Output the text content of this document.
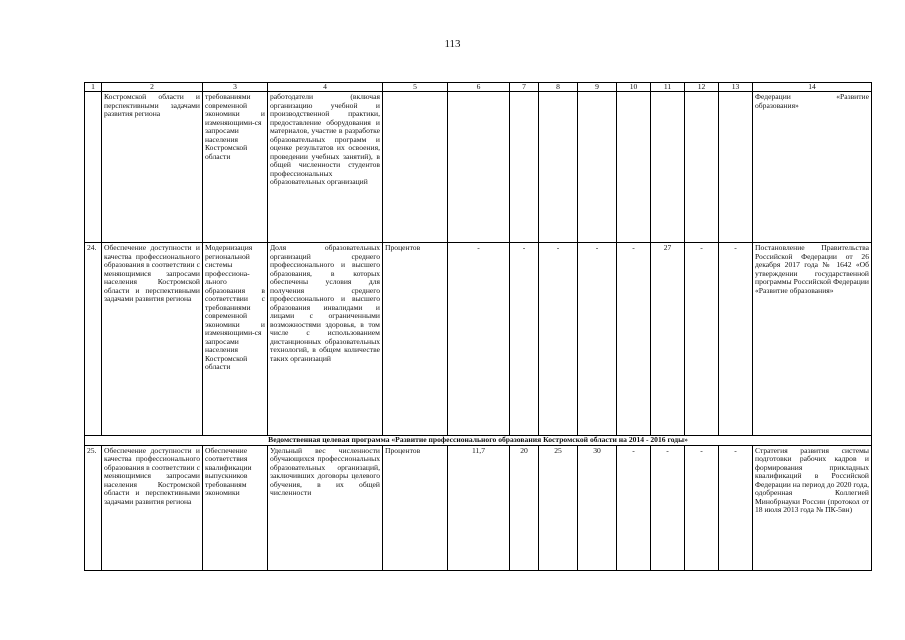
113
1	2	3	4	5	6	7	8	9	10	11	12	13	14
	Костромской области и перспективными задачами развития региона	требованиями современной экономики и изменяющими-ся запросами населения Костромской области	работодатели (включая организацию учебной и производственной практики, предоставление оборудования и материалов, участие в разработке образовательных программ и оценке результатов их освоения, проведении учебных занятий), в общей численности студентов профессиональных образовательных организаций										Федерации «Развитие образования»
24.	Обеспечение доступности и качества профессионального образования в соответствии с меняющимися запросами населения Костромской области и перспективными задачами развития региона	Модернизация региональной системы профессиона-льного образования в соответствии с требованиями современной экономики и изменяющими-ся запросами населения Костромской области	Доля образовательных организаций среднего профессионального и высшего образования, в которых обеспечены условия для получения среднего профессионального и высшего образования инвалидами и лицами с ограниченными возможностями здоровья, в том числе с использованием дистанционных образовательных технологий, в общем количестве таких организаций	Процентов	-	-	-	-	-	27	-	-	Постановление Правительства Российской Федерации от 26 декабря 2017 года № 1642 «Об утверждении государственной программы Российской Федерации «Развитие образования»
Ведомственная целевая программа «Развитие профессионального образования Костромской области на 2014 - 2016 годы»													
25.	Обеспечение доступности и качества профессионального образования в соответствии с меняющимися запросами населения Костромской области и перспективными задачами развития региона	Обеспечение соответствия квалификации выпускников требованиям экономики	Удельный вес численности обучающихся профессиональных образовательных организаций, заключивших договоры целевого обучения, в их общей численности	Процентов	11,7	20	25	30	-	-	-	-	Стратегия развития системы подготовки рабочих кадров и формирования прикладных квалификаций в Российской Федерации на период до 2020 года, одобренная Коллегией Минобрнауки России (протокол от 18 июля 2013 года № ПК-5вн)
